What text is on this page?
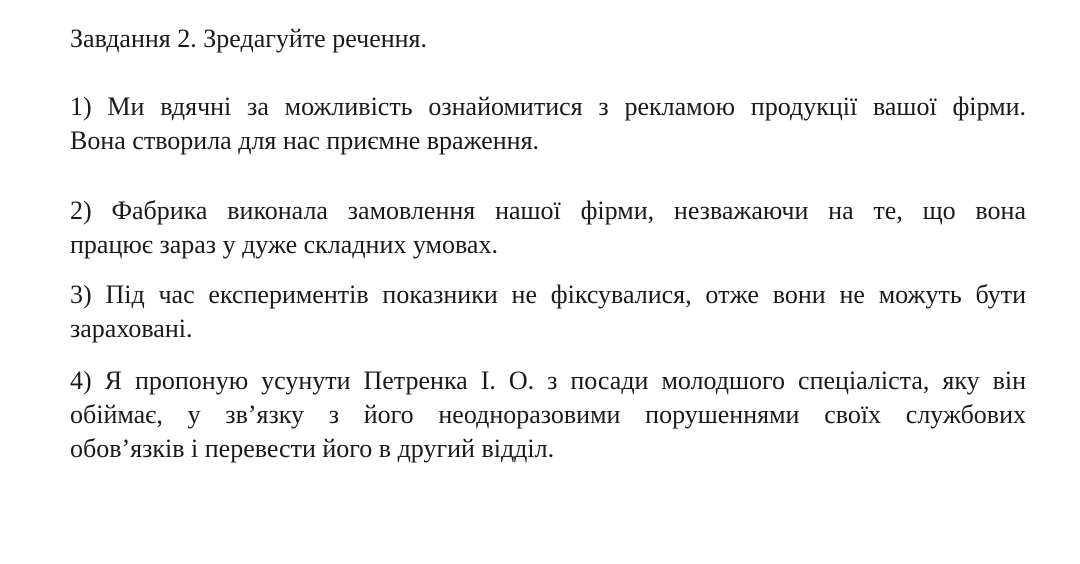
Завдання 2. Зредагуйте речення.

1) Ми вдячні за можливість ознайомитися з рекламою продукції вашої фірми.
Вона створила для нас приємне враження.
2) Фабрика виконала замовлення нашої фірми, незважаючи на те, що вона
працює зараз у дуже складних умовах.
3) Під час експериментів показники не фіксувалися, отже вони не можуть бути
зараховані.
4) Я пропоную усунути Петренка І. О. з посади молодшого спеціаліста, яку він
обіймає, у зв’язку з його неодноразовими порушеннями своїх службових
обов’язків і перевести його в другий відділ.
